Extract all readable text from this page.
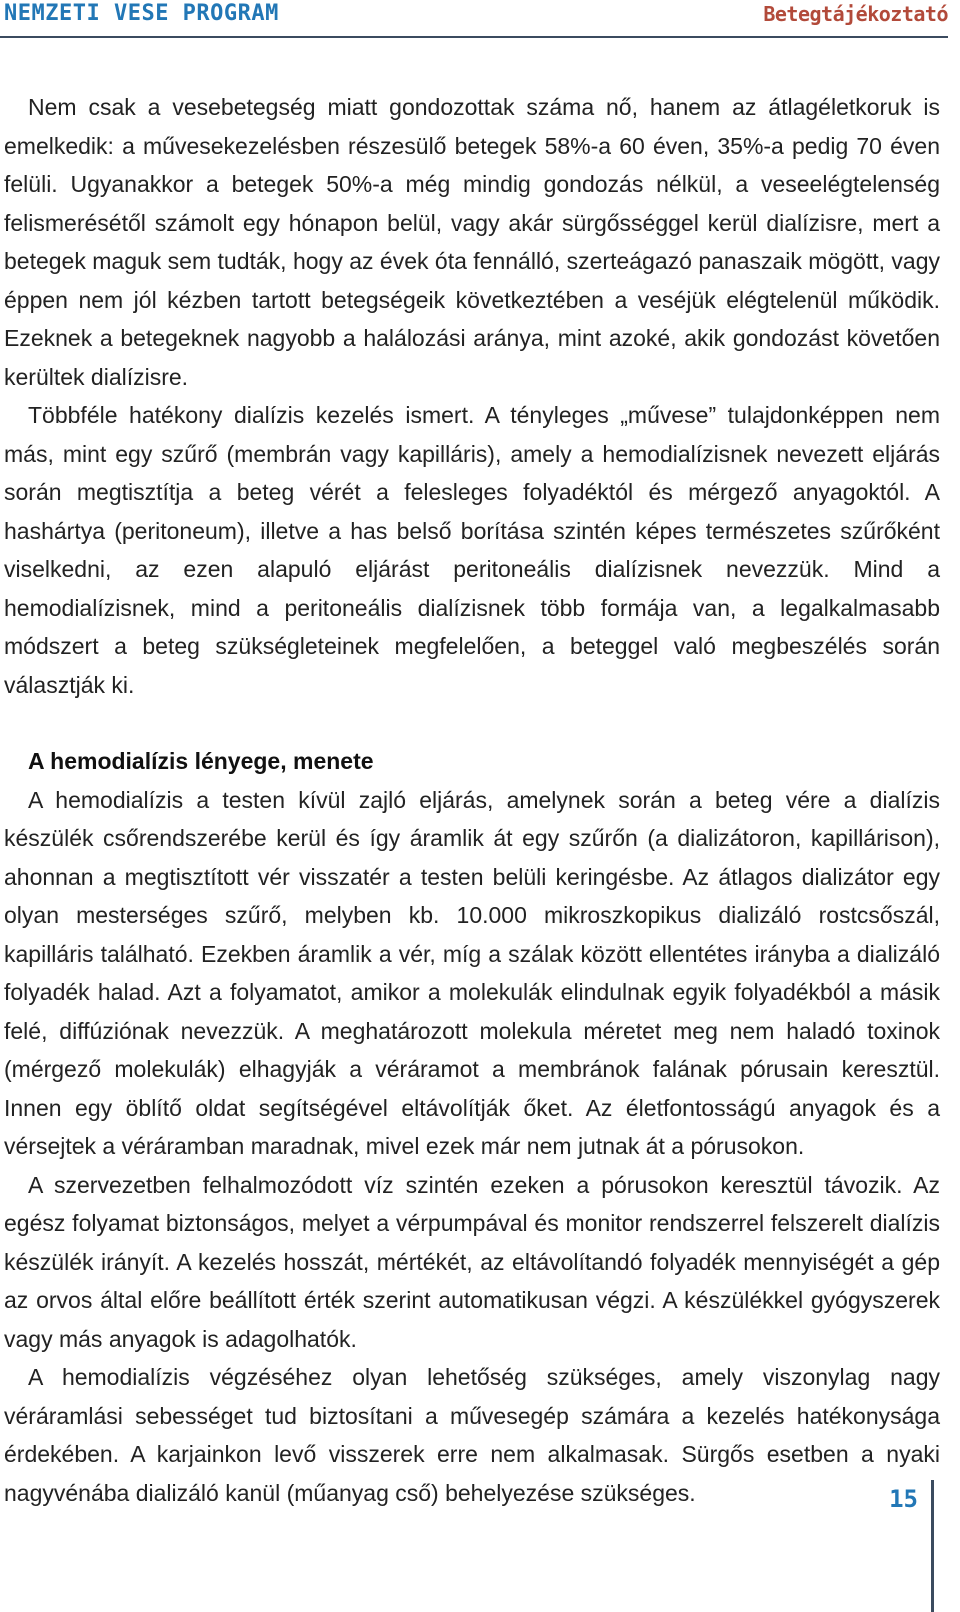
NEMZETI VESE PROGRAM	Betegtájékoztató

Nem csak a vesebetegség miatt gondozottak száma nő, hanem az átlagéletkoruk is emelkedik: a művesekezelésben részesülő betegek 58%-a 60 éven, 35%-a pedig 70 éven felüli. Ugyanakkor a betegek 50%-a még mindig gondozás nélkül, a veseelégtelenség felismerésétől számolt egy hónapon belül, vagy akár sürgősséggel kerül dialízisre, mert a betegek maguk sem tudták, hogy az évek óta fennálló, szerteágazó panaszaik mögött, vagy éppen nem jól kézben tartott betegségeik következtében a veséjük elégtelenül működik. Ezeknek a betegeknek nagyobb a halálozási aránya, mint azoké, akik gondozást követően kerültek dialízisre.

Többféle hatékony dialízis kezelés ismert. A tényleges „művese” tulajdonképpen nem más, mint egy szűrő (membrán vagy kapilláris), amely a hemodialízisnek nevezett eljárás során megtisztítja a beteg vérét a felesleges folyadéktól és mérgező anyagoktól. A hashártya (peritoneum), illetve a has belső borítása szintén képes természetes szűrőként viselkedni, az ezen alapuló eljárást peritoneális dialízisnek nevezzük. Mind a hemodialízisnek, mind a peritoneális dialízisnek több formája van, a legalkalmasabb módszert a beteg szükségleteinek megfelelően, a beteggel való megbeszélés során választják ki.

A hemodialízis lényege, menete

A hemodialízis a testen kívül zajló eljárás, amelynek során a beteg vére a dialízis készülék csőrendszerébe kerül és így áramlik át egy szűrőn (a dializátoron, kapillárison), ahonnan a megtisztított vér visszatér a testen belüli keringésbe. Az átlagos dializátor egy olyan mesterséges szűrő, melyben kb. 10.000 mikroszkopikus dializáló rostcsőszál, kapilláris található. Ezekben áramlik a vér, míg a szálak között ellentétes irányba a dializáló folyadék halad. Azt a folyamatot, amikor a molekulák elindulnak egyik folyadékból a másik felé, diffúziónak nevezzük. A meghatározott molekula méretet meg nem haladó toxinok (mérgező molekulák) elhagyják a véráramot a membránok falának pórusain keresztül. Innen egy öblítő oldat segítségével eltávolítják őket. Az életfontosságú anyagok és a vérsejtek a véráramban maradnak, mivel ezek már nem jutnak át a pórusokon.

A szervezetben felhalmozódott víz szintén ezeken a pórusokon keresztül távozik. Az egész folyamat biztonságos, melyet a vérpumpával és monitor rendszerrel felszerelt dialízis készülék irányít. A kezelés hosszát, mértékét, az eltávolítandó folyadék mennyiségét a gép az orvos által előre beállított érték szerint automatikusan végzi. A készülékkel gyógyszerek vagy más anyagok is adagolhatók.

A hemodialízis végzéséhez olyan lehetőség szükséges, amely viszonylag nagy véráramlási sebességet tud biztosítani a művesegép számára a kezelés hatékonysága érdekében. A karjainkon levő visszerek erre nem alkalmasak. Sürgős esetben a nyaki nagyvénába dializáló kanül (műanyag cső) behelyezése szükséges.	15
